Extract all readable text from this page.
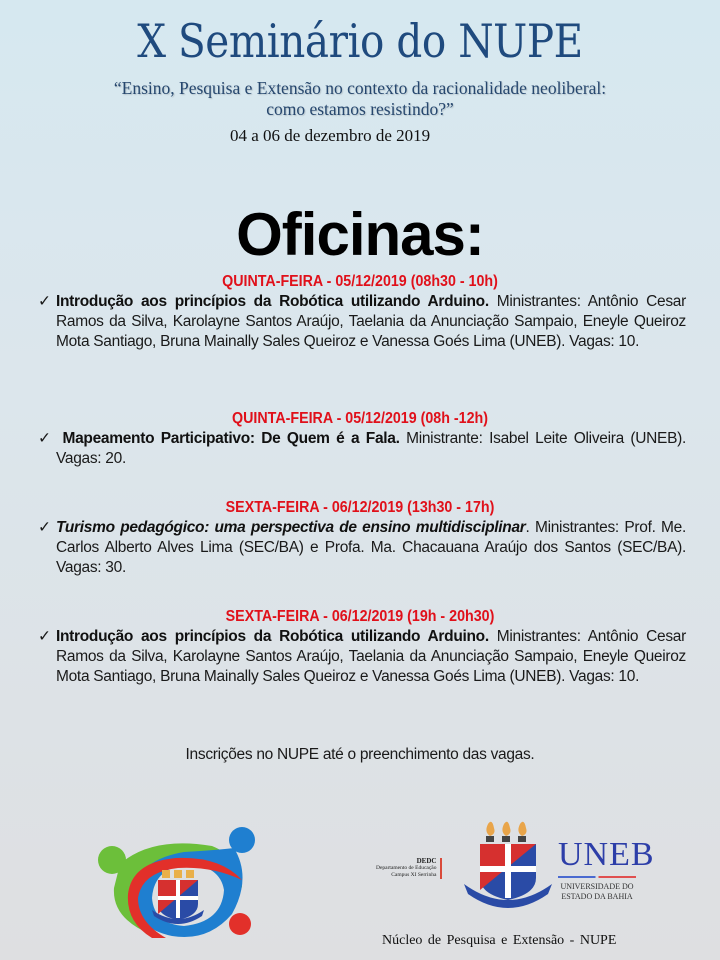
X Seminário do NUPE
“Ensino, Pesquisa e Extensão no contexto da racionalidade neoliberal:
como estamos resistindo?”
04 a 06 de dezembro de 2019
Oficinas:
QUINTA-FEIRA - 05/12/2019 (08h30 - 10h)
✓ Introdução aos princípios da Robótica utilizando Arduino. Ministrantes: Antônio Cesar Ramos da Silva, Karolayne Santos Araújo, Taelania da Anunciação Sampaio, Eneyle Queiroz Mota Santiago, Bruna Mainally Sales Queiroz e Vanessa Goés Lima (UNEB). Vagas: 10.
QUINTA-FEIRA - 05/12/2019 (08h -12h)
✓ Mapeamento Participativo: De Quem é a Fala. Ministrante: Isabel Leite Oliveira (UNEB). Vagas: 20.
SEXTA-FEIRA - 06/12/2019 (13h30 - 17h)
✓ Turismo pedagógico: uma perspectiva de ensino multidisciplinar. Ministrantes: Prof. Me. Carlos Alberto Alves Lima (SEC/BA) e Profa. Ma. Chacauana Araújo dos Santos (SEC/BA). Vagas: 30.
SEXTA-FEIRA - 06/12/2019 (19h - 20h30)
✓ Introdução aos princípios da Robótica utilizando Arduino. Ministrantes: Antônio Cesar Ramos da Silva, Karolayne Santos Araújo, Taelania da Anunciação Sampaio, Eneyle Queiroz Mota Santiago, Bruna Mainally Sales Queiroz e Vanessa Goés Lima (UNEB). Vagas: 10.
Inscrições no NUPE até o preenchimento das vagas.
DEDC
Departamento de Educação
Campus XI Serrinha
UNEB
UNIVERSIDADE DO
ESTADO DA BAHIA
Núcleo de Pesquisa e Extensão - NUPE
